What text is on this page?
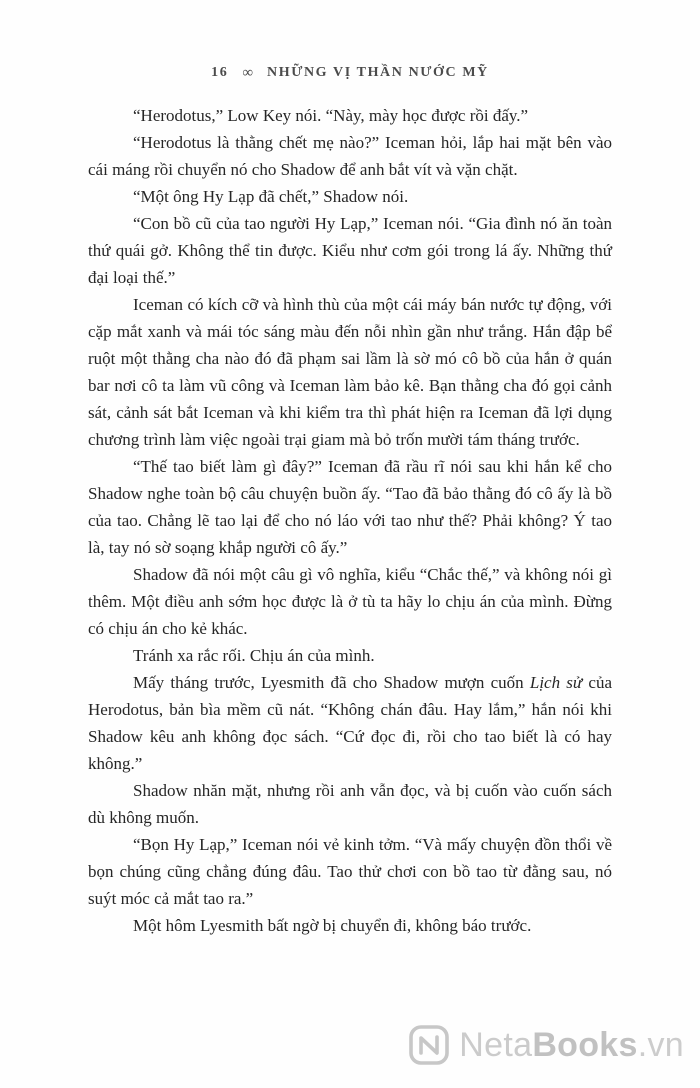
16 ∞ NHỮNG VỊ THẦN NƯỚC MỸ

“Herodotus,” Low Key nói. “Này, mày học được rồi đấy.”

“Herodotus là thằng chết mẹ nào?” Iceman hỏi, lắp hai mặt bên vào cái máng rồi chuyển nó cho Shadow để anh bắt vít và vặn chặt.

“Một ông Hy Lạp đã chết,” Shadow nói.

“Con bồ cũ của tao người Hy Lạp,” Iceman nói. “Gia đình nó ăn toàn thứ quái gở. Không thể tin được. Kiểu như cơm gói trong lá ấy. Những thứ đại loại thế.”

Iceman có kích cỡ và hình thù của một cái máy bán nước tự động, với cặp mắt xanh và mái tóc sáng màu đến nỗi nhìn gần như trắng. Hắn đập bể ruột một thằng cha nào đó đã phạm sai lầm là sờ mó cô bồ của hắn ở quán bar nơi cô ta làm vũ công và Iceman làm bảo kê. Bạn thằng cha đó gọi cảnh sát, cảnh sát bắt Iceman và khi kiểm tra thì phát hiện ra Iceman đã lợi dụng chương trình làm việc ngoài trại giam mà bỏ trốn mười tám tháng trước.

“Thế tao biết làm gì đây?” Iceman đã rầu rĩ nói sau khi hắn kể cho Shadow nghe toàn bộ câu chuyện buồn ấy. “Tao đã bảo thằng đó cô ấy là bồ của tao. Chẳng lẽ tao lại để cho nó láo với tao như thế? Phải không? Ý tao là, tay nó sờ soạng khắp người cô ấy.”

Shadow đã nói một câu gì vô nghĩa, kiểu “Chắc thế,” và không nói gì thêm. Một điều anh sớm học được là ở tù ta hãy lo chịu án của mình. Đừng có chịu án cho kẻ khác.

Tránh xa rắc rối. Chịu án của mình.

Mấy tháng trước, Lyesmith đã cho Shadow mượn cuốn Lịch sử của Herodotus, bản bìa mềm cũ nát. “Không chán đâu. Hay lắm,” hắn nói khi Shadow kêu anh không đọc sách. “Cứ đọc đi, rồi cho tao biết là có hay không.”

Shadow nhăn mặt, nhưng rồi anh vẫn đọc, và bị cuốn vào cuốn sách dù không muốn.

“Bọn Hy Lạp,” Iceman nói vẻ kinh tởm. “Và mấy chuyện đồn thổi về bọn chúng cũng chẳng đúng đâu. Tao thử chơi con bồ tao từ đằng sau, nó suýt móc cả mắt tao ra.”

Một hôm Lyesmith bất ngờ bị chuyển đi, không báo trước.

NetaBooks.vn
